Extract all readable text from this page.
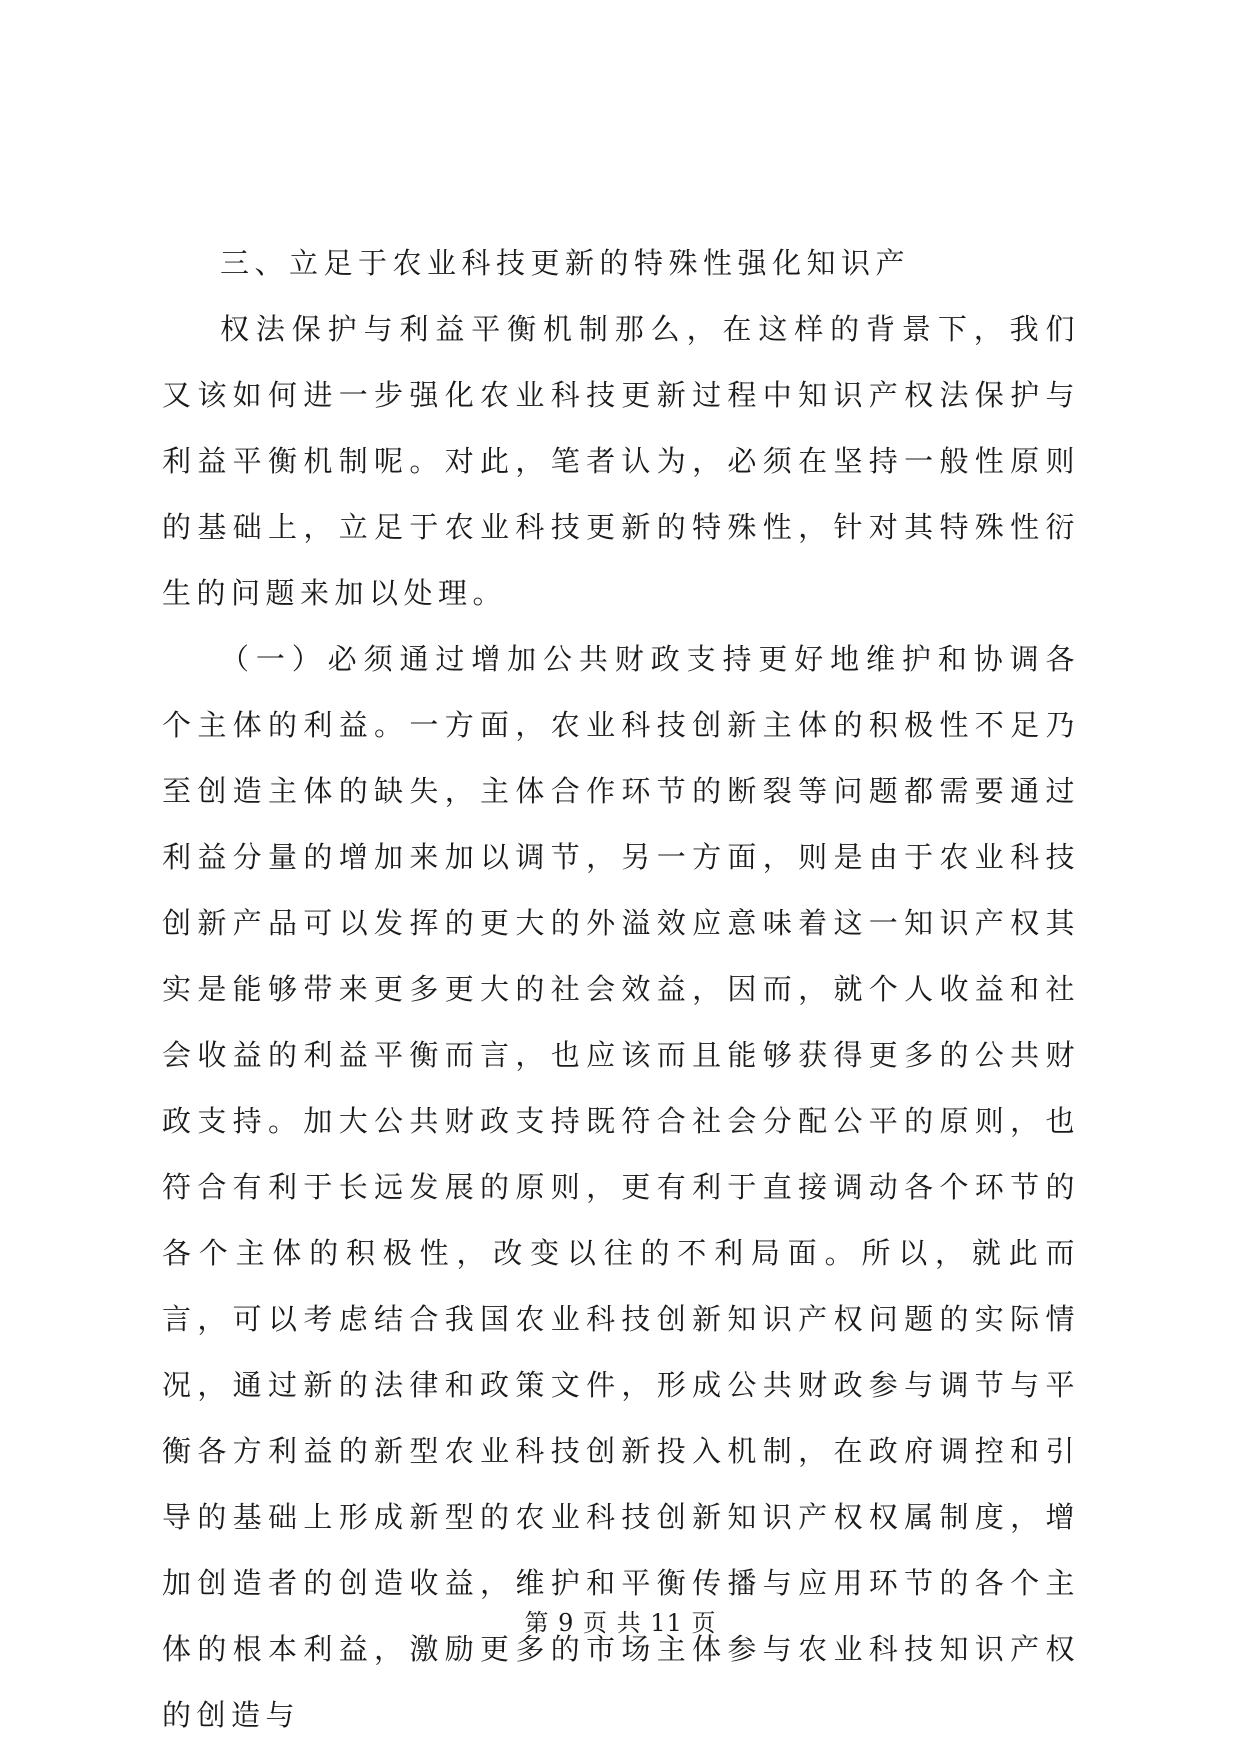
三、立足于农业科技更新的特殊性强化知识产

权法保护与利益平衡机制那么，在这样的背景下，我们又该如何进一步强化农业科技更新过程中知识产权法保护与利益平衡机制呢。对此，笔者认为，必须在坚持一般性原则的基础上，立足于农业科技更新的特殊性，针对其特殊性衍生的问题来加以处理。

（一）必须通过增加公共财政支持更好地维护和协调各个主体的利益。一方面，农业科技创新主体的积极性不足乃至创造主体的缺失，主体合作环节的断裂等问题都需要通过利益分量的增加来加以调节，另一方面，则是由于农业科技创新产品可以发挥的更大的外溢效应意味着这一知识产权其实是能够带来更多更大的社会效益，因而，就个人收益和社会收益的利益平衡而言，也应该而且能够获得更多的公共财政支持。加大公共财政支持既符合社会分配公平的原则，也符合有利于长远发展的原则，更有利于直接调动各个环节的各个主体的积极性，改变以往的不利局面。所以，就此而言，可以考虑结合我国农业科技创新知识产权问题的实际情况，通过新的法律和政策文件，形成公共财政参与调节与平衡各方利益的新型农业科技创新投入机制，在政府调控和引导的基础上形成新型的农业科技创新知识产权权属制度，增加创造者的创造收益，维护和平衡传播与应用环节的各个主体的根本利益，激励更多的市场主体参与农业科技知识产权的创造与

第 9 页 共 11 页
